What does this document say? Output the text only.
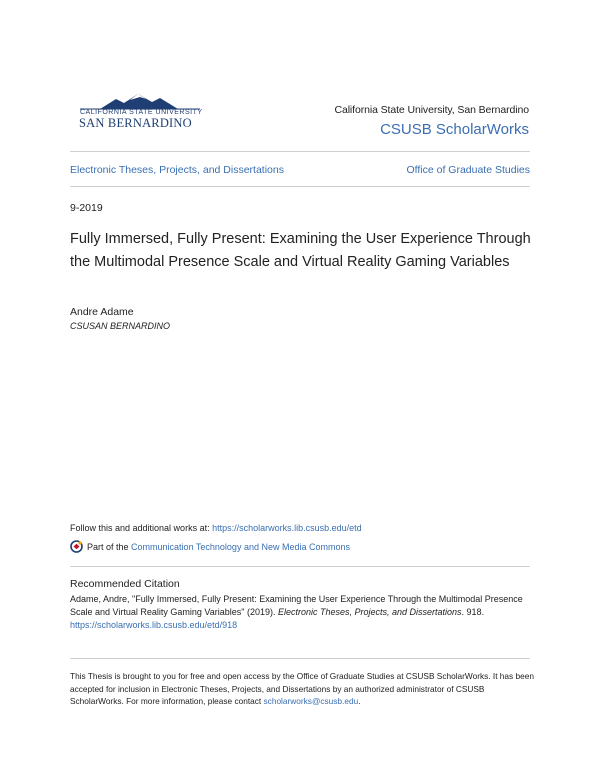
CALIFORNIA STATE UNIVERSITY
SAN BERNARDINO
California State University, San Bernardino
CSUSB ScholarWorks
Electronic Theses, Projects, and Dissertations	Office of Graduate Studies
9-2019
Fully Immersed, Fully Present: Examining the User Experience Through the Multimodal Presence Scale and Virtual Reality Gaming Variables
Andre Adame
CSUSAN BERNARDINO
Follow this and additional works at: https://scholarworks.lib.csusb.edu/etd
Part of the
Communication Technology and New Media Commons
Recommended Citation
Adame, Andre, "Fully Immersed, Fully Present: Examining the User Experience Through the Multimodal Presence Scale and Virtual Reality Gaming Variables" (2019). Electronic Theses, Projects, and Dissertations. 918.
https://scholarworks.lib.csusb.edu/etd/918
This Thesis is brought to you for free and open access by the Office of Graduate Studies at CSUSB ScholarWorks. It has been accepted for inclusion in Electronic Theses, Projects, and Dissertations by an authorized administrator of CSUSB ScholarWorks. For more information, please contact scholarworks@csusb.edu.
